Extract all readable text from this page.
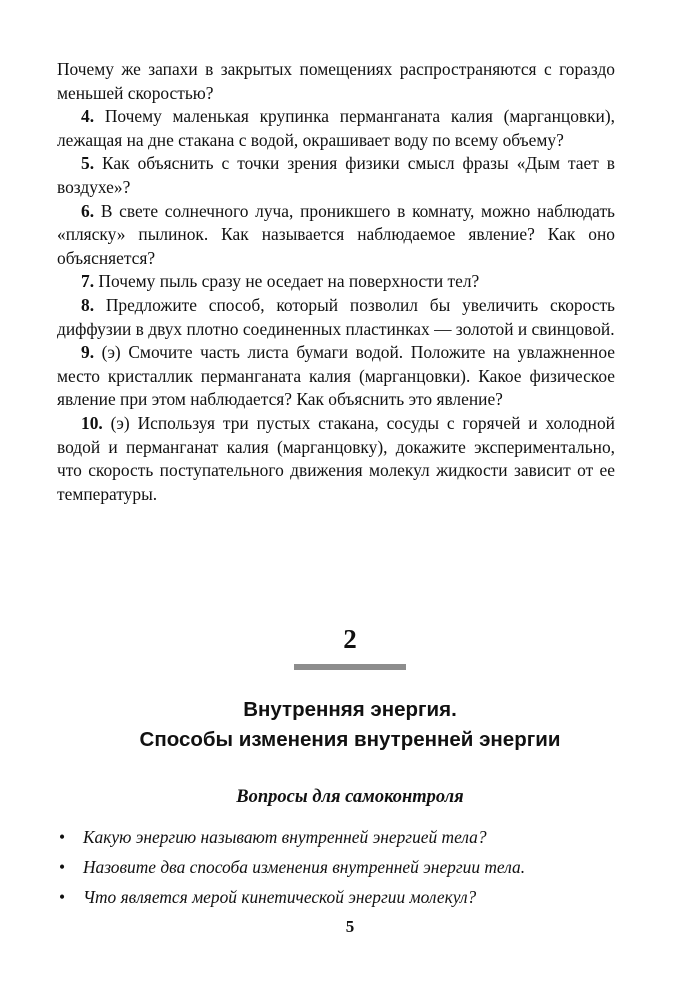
Почему же запахи в закрытых помещениях распространяются с гораздо меньшей скоростью?

4. Почему маленькая крупинка перманганата калия (марганцовки), лежащая на дне стакана с водой, окрашивает воду по всему объему?

5. Как объяснить с точки зрения физики смысл фразы «Дым тает в воздухе»?

6. В свете солнечного луча, проникшего в комнату, можно наблюдать «пляску» пылинок. Как называется наблюдаемое явление? Как оно объясняется?

7. Почему пыль сразу не оседает на поверхности тел?

8. Предложите способ, который позволил бы увеличить скорость диффузии в двух плотно соединенных пластинках — золотой и свинцовой.

9. (э) Смочите часть листа бумаги водой. Положите на увлажненное место кристаллик перманганата калия (марганцовки). Какое физическое явление при этом наблюдается? Как объяснить это явление?

10. (э) Используя три пустых стакана, сосуды с горячей и холодной водой и перманганат калия (марганцовку), докажите экспериментально, что скорость поступательного движения молекул жидкости зависит от ее температуры.

2
Внутренняя энергия.
Способы изменения внутренней энергии
Вопросы для самоконтроля
• Какую энергию называют внутренней энергией тела?
• Назовите два способа изменения внутренней энергии тела.
• Что является мерой кинетической энергии молекул?
5
